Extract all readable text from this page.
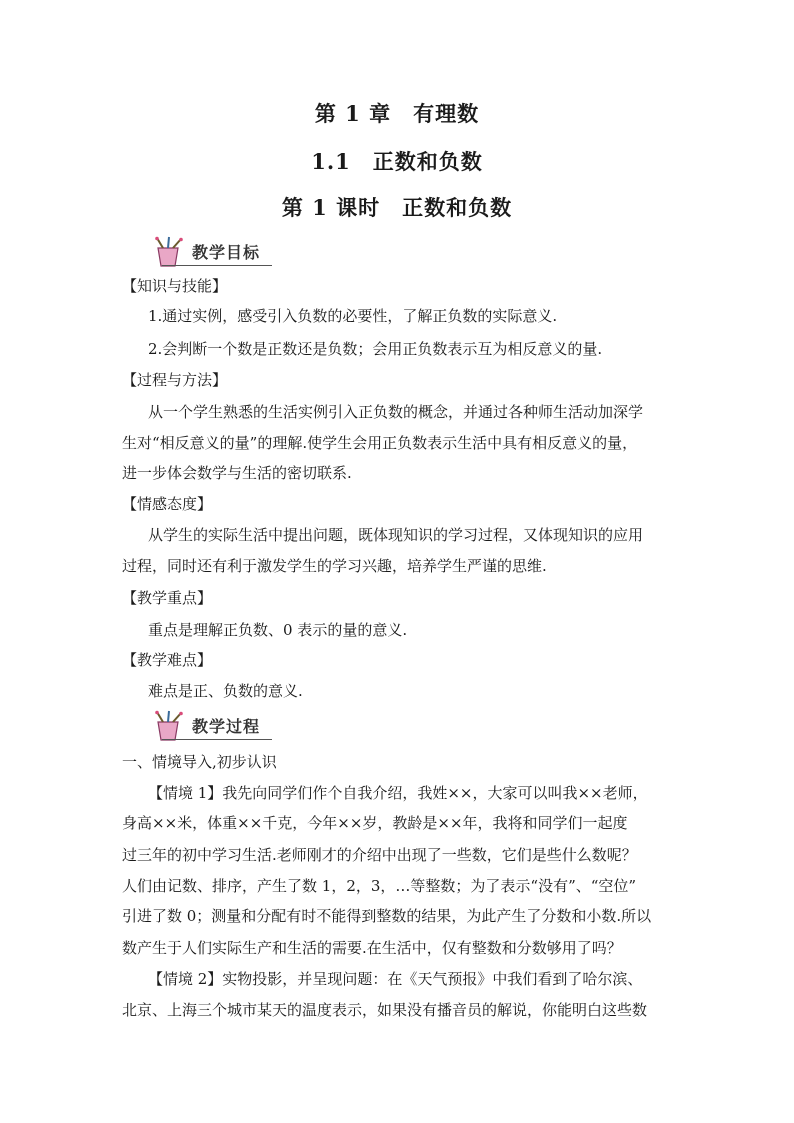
第 1 章　有理数
1.1　正数和负数
第 1 课时　正数和负数
教学目标
【知识与技能】
1.通过实例，感受引入负数的必要性，了解正负数的实际意义.
2.会判断一个数是正数还是负数；会用正负数表示互为相反意义的量.
【过程与方法】
从一个学生熟悉的生活实例引入正负数的概念，并通过各种师生活动加深学
生对“相反意义的量”的理解.使学生会用正负数表示生活中具有相反意义的量，
进一步体会数学与生活的密切联系.
【情感态度】
从学生的实际生活中提出问题，既体现知识的学习过程，又体现知识的应用
过程，同时还有利于激发学生的学习兴趣，培养学生严谨的思维.
【教学重点】
重点是理解正负数、0 表示的量的意义.
【教学难点】
难点是正、负数的意义.
教学过程
一、情境导入,初步认识
【情境 1】我先向同学们作个自我介绍，我姓××，大家可以叫我××老师，
身高××米，体重××千克，今年××岁，教龄是××年，我将和同学们一起度
过三年的初中学习生活.老师刚才的介绍中出现了一些数，它们是些什么数呢？
人们由记数、排序，产生了数 1，2，3，…等整数；为了表示“没有”、“空位”
引进了数 0；测量和分配有时不能得到整数的结果，为此产生了分数和小数.所以
数产生于人们实际生产和生活的需要.在生活中，仅有整数和分数够用了吗？
【情境 2】实物投影，并呈现问题：在《天气预报》中我们看到了哈尔滨、
北京、上海三个城市某天的温度表示，如果没有播音员的解说，你能明白这些数
